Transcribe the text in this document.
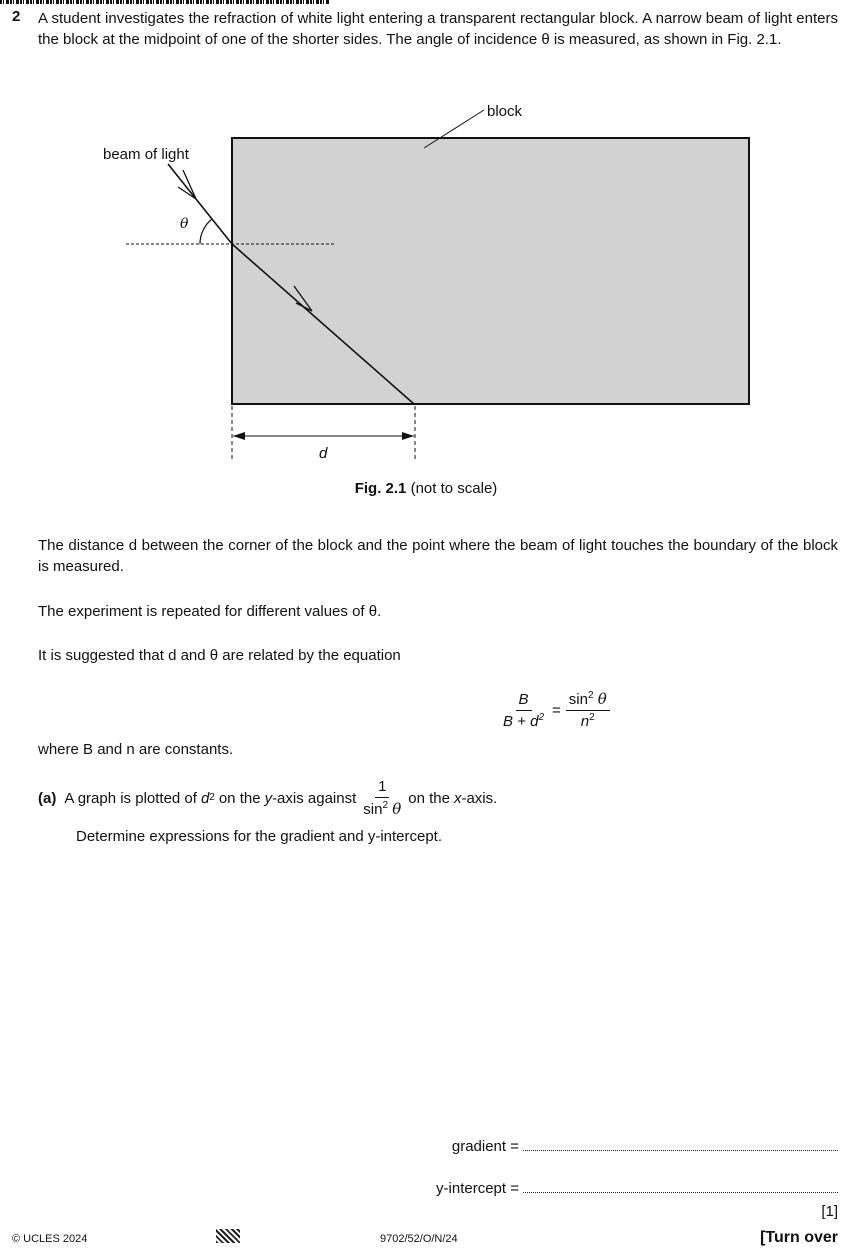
2 A student investigates the refraction of white light entering a transparent rectangular block. A narrow beam of light enters the block at the midpoint of one of the shorter sides. The angle of incidence θ is measured, as shown in Fig. 2.1.

block
beam of light
θ
d
Fig. 2.1 (not to scale)

The distance d between the corner of the block and the point where the beam of light touches the boundary of the block is measured.

The experiment is repeated for different values of θ.

It is suggested that d and θ are related by the equation

$\frac{B}{B + d^2} = \frac{\sin^2 \theta}{n^2}$

where B and n are constants.

(a) A graph is plotted of d 2 on the y -axis against $\frac{1}{\sin^2 \theta}$ on the x -axis.

Determine expressions for the gradient and y-intercept.

gradient =
y-intercept =
[1]
© UCLES 2024	9702/52/O/N/24	[Turn over
